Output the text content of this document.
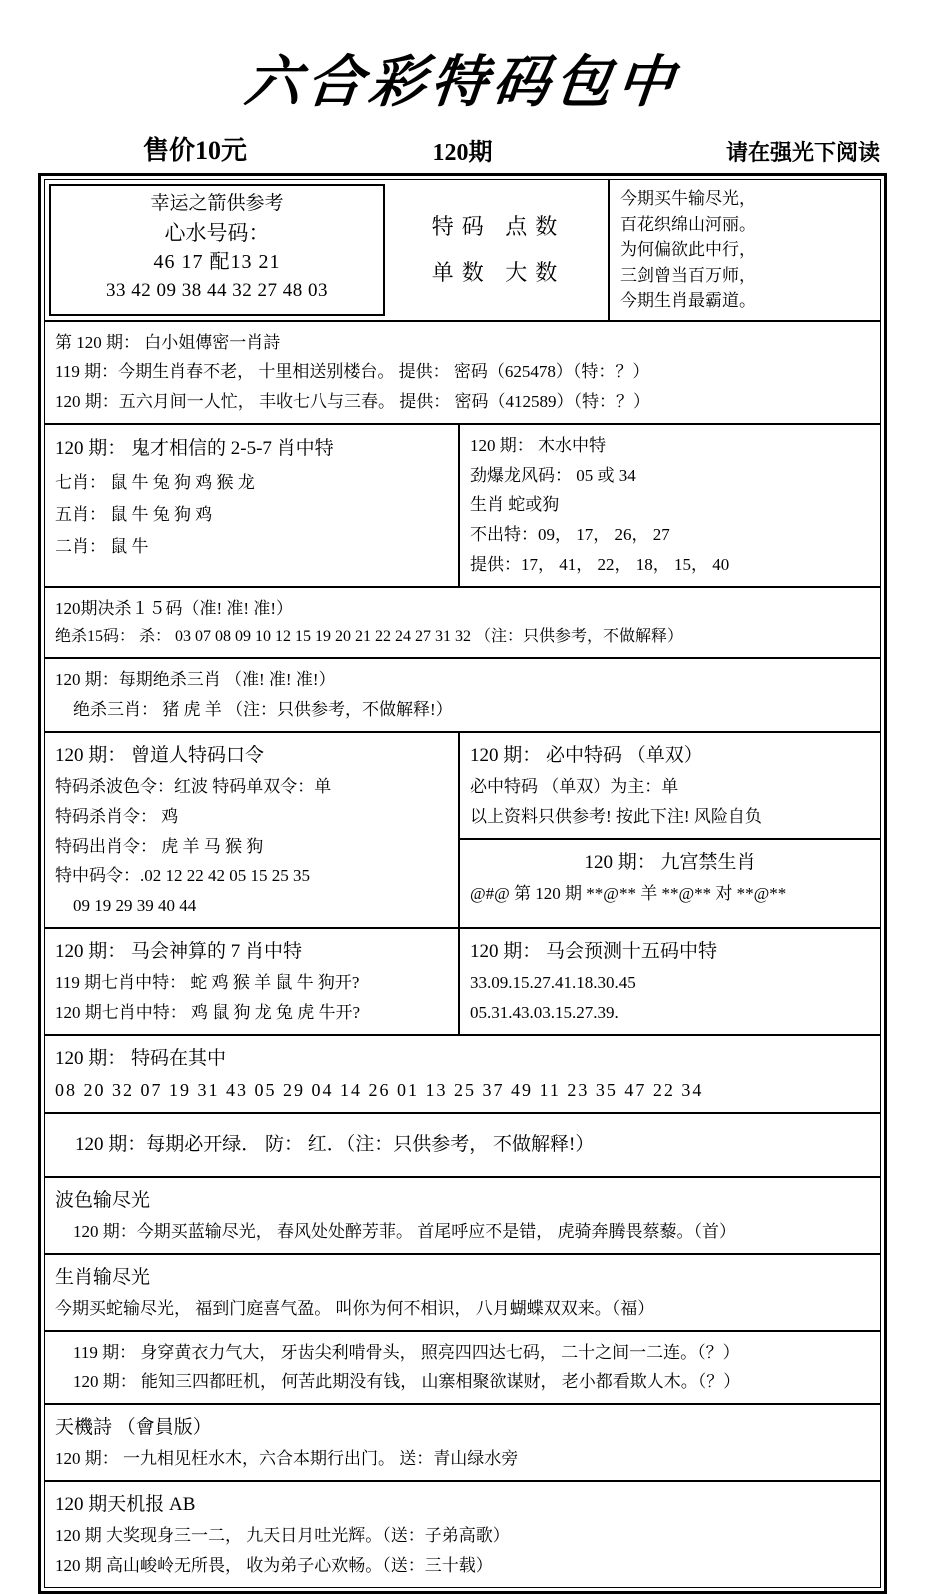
六合彩特码包中
售价10元	120期	请在强光下阅读
幸运之箭供参考
心水号码：
46 17 配13 21
33 42 09 38 44 32 27 48 03
特码 点数
单数 大数
今期买牛输尽光，
百花织绵山河丽。
为何偏欲此中行，
三剑曾当百万师，
今期生肖最霸道。
第 120 期： 白小姐傳密一肖詩
119 期：今期生肖春不老， 十里相送别楼台。 提供： 密码（625478）（特：？）
120 期：五六月间一人忙， 丰收七八与三春。 提供： 密码（412589）（特：？）
120 期： 鬼才相信的 2-5-7 肖中特
七肖： 鼠 牛 兔 狗 鸡 猴 龙
五肖： 鼠 牛 兔 狗 鸡
二肖： 鼠 牛
120 期： 木水中特
劲爆龙风码： 05 或 34
生肖 蛇或狗
不出特：09， 17， 26， 27
提供：17， 41， 22， 18， 15， 40
120期决杀１５码（准! 准! 准!）
绝杀15码： 杀： 03 07 08 09 10 12 15 19 20 21 22 24 27 31 32 （注：只供参考，不做解释）
120 期：每期绝杀三肖 （准! 准! 准!）
绝杀三肖： 猪 虎 羊 （注：只供参考，不做解释!）
120 期： 曾道人特码口令
特码杀波色令：红波 特码单双令：单
特码杀肖令： 鸡
特码出肖令： 虎 羊 马 猴 狗
特中码令：.02 12 22 42 05 15 25 35
09 19 29 39 40 44
120 期： 必中特码 （单双）
必中特码 （单双）为主：单
以上资料只供参考! 按此下注! 风险自负
120 期： 九宫禁生肖
@#@ 第 120 期 **@** 羊 **@** 对 **@**
120 期： 马会神算的 7 肖中特
119 期七肖中特： 蛇 鸡 猴 羊 鼠 牛 狗开?
120 期七肖中特： 鸡 鼠 狗 龙 兔 虎 牛开?
120 期： 马会预测十五码中特
33.09.15.27.41.18.30.45
05.31.43.03.15.27.39.
120 期： 特码在其中
08 20 32 07 19 31 43 05 29 04 14 26 01 13 25 37 49 11 23 35 47 22 34
120 期：每期必开绿． 防： 红．（注：只供参考， 不做解释!）
波色输尽光
120 期：今期买蓝输尽光， 春风处处醉芳菲。 首尾呼应不是错， 虎骑奔腾畏蔡藜。（首）
生肖输尽光
今期买蛇输尽光， 福到门庭喜气盈。 叫你为何不相识， 八月蝴蝶双双来。（福）
119 期： 身穿黄衣力气大， 牙齿尖利啃骨头， 照亮四四达七码， 二十之间一二连。（？）
120 期： 能知三四都旺机， 何苦此期没有钱， 山寨相聚欲谋财， 老小都看欺人木。（？）
天機詩 （會員版）
120 期： 一九相见枉水木，六合本期行出门。 送：青山绿水旁
120 期天机报 AB
120 期 大奖现身三一二， 九天日月吐光辉。（送：子弟高歌）
120 期 高山峻岭无所畏， 收为弟子心欢畅。（送：三十载）
